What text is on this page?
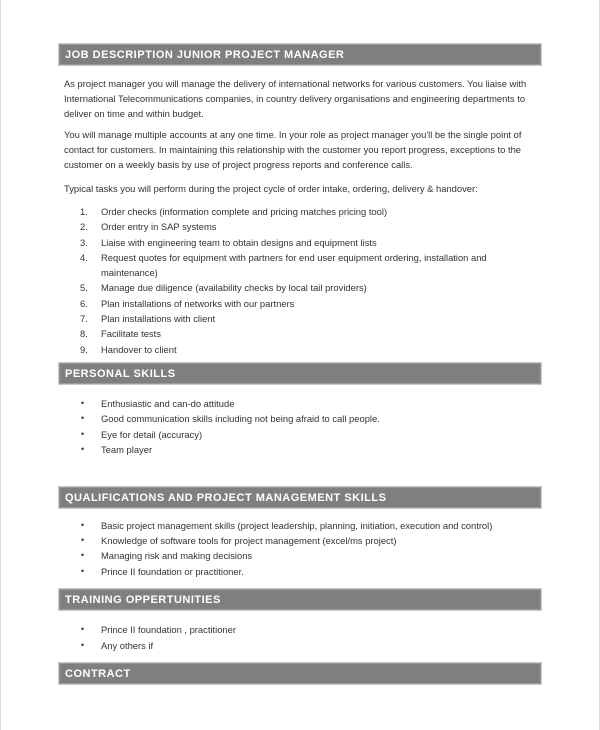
JOB DESCRIPTION JUNIOR PROJECT MANAGER

As project manager you will manage the delivery of international networks for various customers. You liaise with International Telecommunications companies, in country delivery organisations and engineering departments to deliver on time and within budget.

You will manage multiple accounts at any one time. In your role as project manager you'll be the single point of contact for customers. In maintaining this relationship with the customer you report progress, exceptions to the customer on a weekly basis by use of project progress reports and conference calls.

Typical tasks you will perform during the project cycle of order intake, ordering, delivery & handover:

1. Order checks (information complete and pricing matches pricing tool)
2. Order entry in SAP systems
3. Liaise with engineering team to obtain designs and equipment lists
4. Request quotes for equipment with partners for end user equipment ordering, installation and maintenance)
5. Manage due diligence (availability checks by local tail providers)
6. Plan installations of networks with our partners
7. Plan installations with client
8. Facilitate tests
9. Handover to client
PERSONAL SKILLS
• Enthusiastic and can-do attitude
• Good communication skills including not being afraid to call people.
• Eye for detail (accuracy)
• Team player
QUALIFICATIONS AND PROJECT MANAGEMENT SKILLS
• Basic project management skills (project leadership, planning, initiation, execution and control)
• Knowledge of software tools for project management (excel/ms project)
• Managing risk and making decisions
• Prince II foundation or practitioner.
TRAINING OPPERTUNITIES
• Prince II foundation , practitioner
• Any others if
CONTRACT
